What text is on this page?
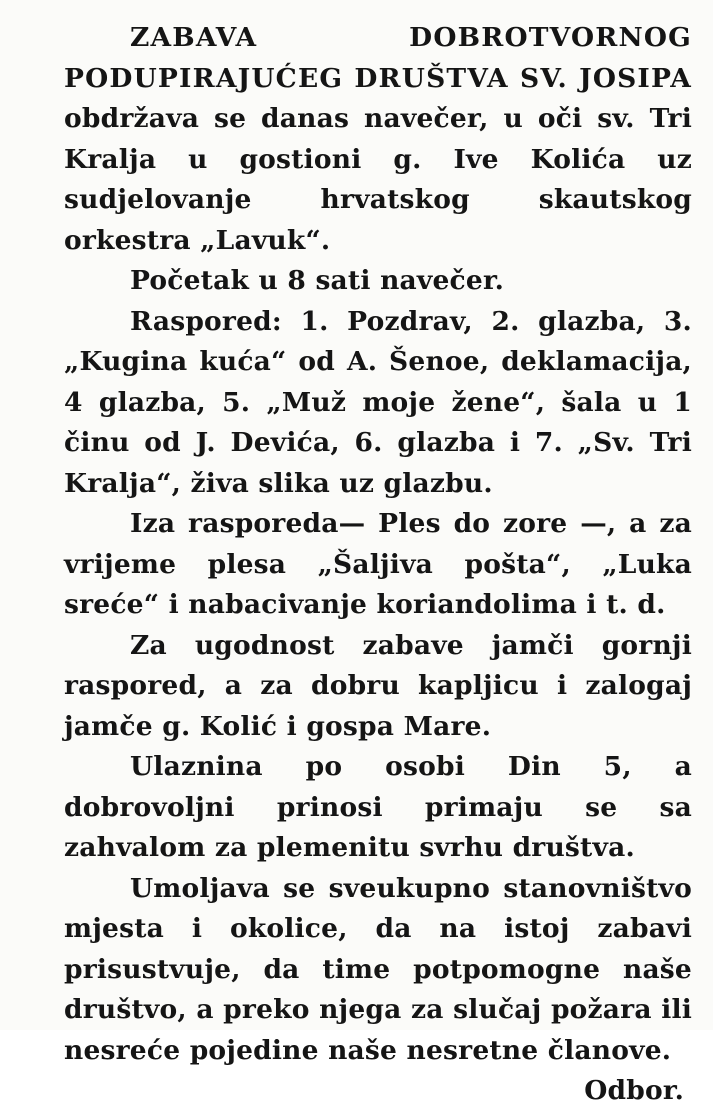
ZABAVA DOBROTVORNOG PODUPIRAJUĆEG DRUŠTVA SV. JOSIPA obdržava se danas navečer, u oči sv. Tri Kralja u gostioni g. Ive Kolića uz sudjelovanje hrvatskog skautskog orkestra „Lavuk“.

Početak u 8 sati navečer.

Raspored: 1. Pozdrav, 2. glazba, 3. „Kugina kuća“ od A. Šenoe, deklamacija, 4 glazba, 5. „Muž moje žene“, šala u 1 činu od J. Devića, 6. glazba i 7. „Sv. Tri Kralja“, živa slika uz glazbu.

Iza rasporeda— Ples do zore —, a za vrijeme plesa „Šaljiva pošta“, „Luka sreće“ i nabacivanje koriandolima i t. d.

Za ugodnost zabave jamči gornji raspored, a za dobru kapljicu i zalogaj jamče g. Kolić i gospa Mare.

Ulaznina po osobi Din 5, a dobrovoljni prinosi primaju se sa zahvalom za plemenitu svrhu društva.

Umoljava se sveukupno stanovništvo mjesta i okolice, da na istoj zabavi prisustvuje, da time potpomogne naše društvo, a preko njega za slučaj požara ili nesreće pojedine naše nesretne članove.
Odbor.
